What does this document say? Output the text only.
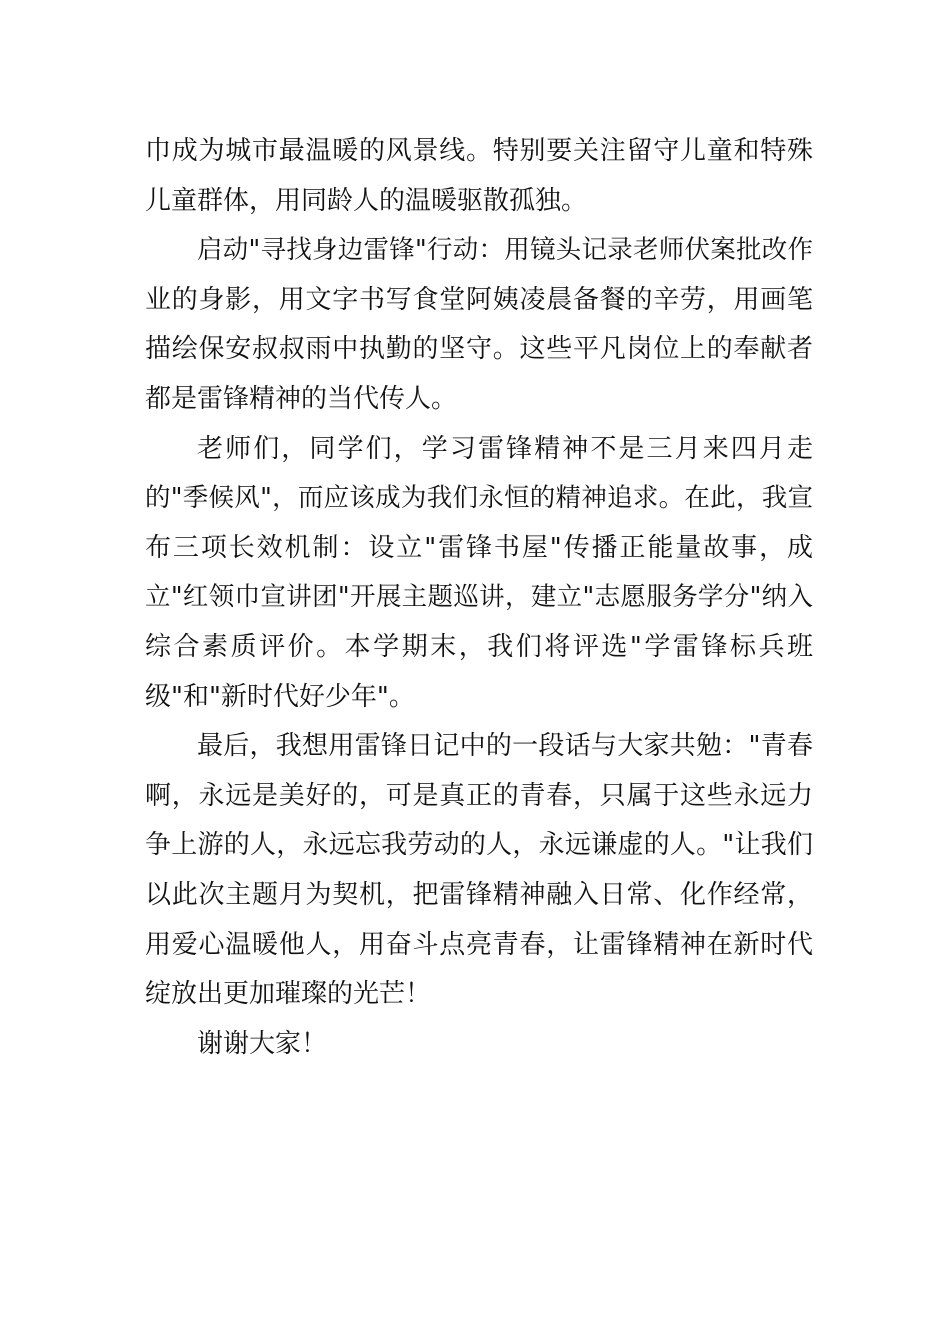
巾成为城市最温暖的风景线。特别要关注留守儿童和特殊
儿童群体，用同龄人的温暖驱散孤独。
启动"寻找身边雷锋"行动：用镜头记录老师伏案批改作
业的身影，用文字书写食堂阿姨凌晨备餐的辛劳，用画笔
描绘保安叔叔雨中执勤的坚守。这些平凡岗位上的奉献者
都是雷锋精神的当代传人。
老师们，同学们，学习雷锋精神不是三月来四月走
的"季候风"，而应该成为我们永恒的精神追求。在此，我宣
布三项长效机制：设立"雷锋书屋"传播正能量故事，成
立"红领巾宣讲团"开展主题巡讲，建立"志愿服务学分"纳入
综合素质评价。本学期末，我们将评选"学雷锋标兵班
级"和"新时代好少年"。
最后，我想用雷锋日记中的一段话与大家共勉："青春
啊，永远是美好的，可是真正的青春，只属于这些永远力
争上游的人，永远忘我劳动的人，永远谦虚的人。"让我们
以此次主题月为契机，把雷锋精神融入日常、化作经常，
用爱心温暖他人，用奋斗点亮青春，让雷锋精神在新时代
绽放出更加璀璨的光芒！
谢谢大家！
